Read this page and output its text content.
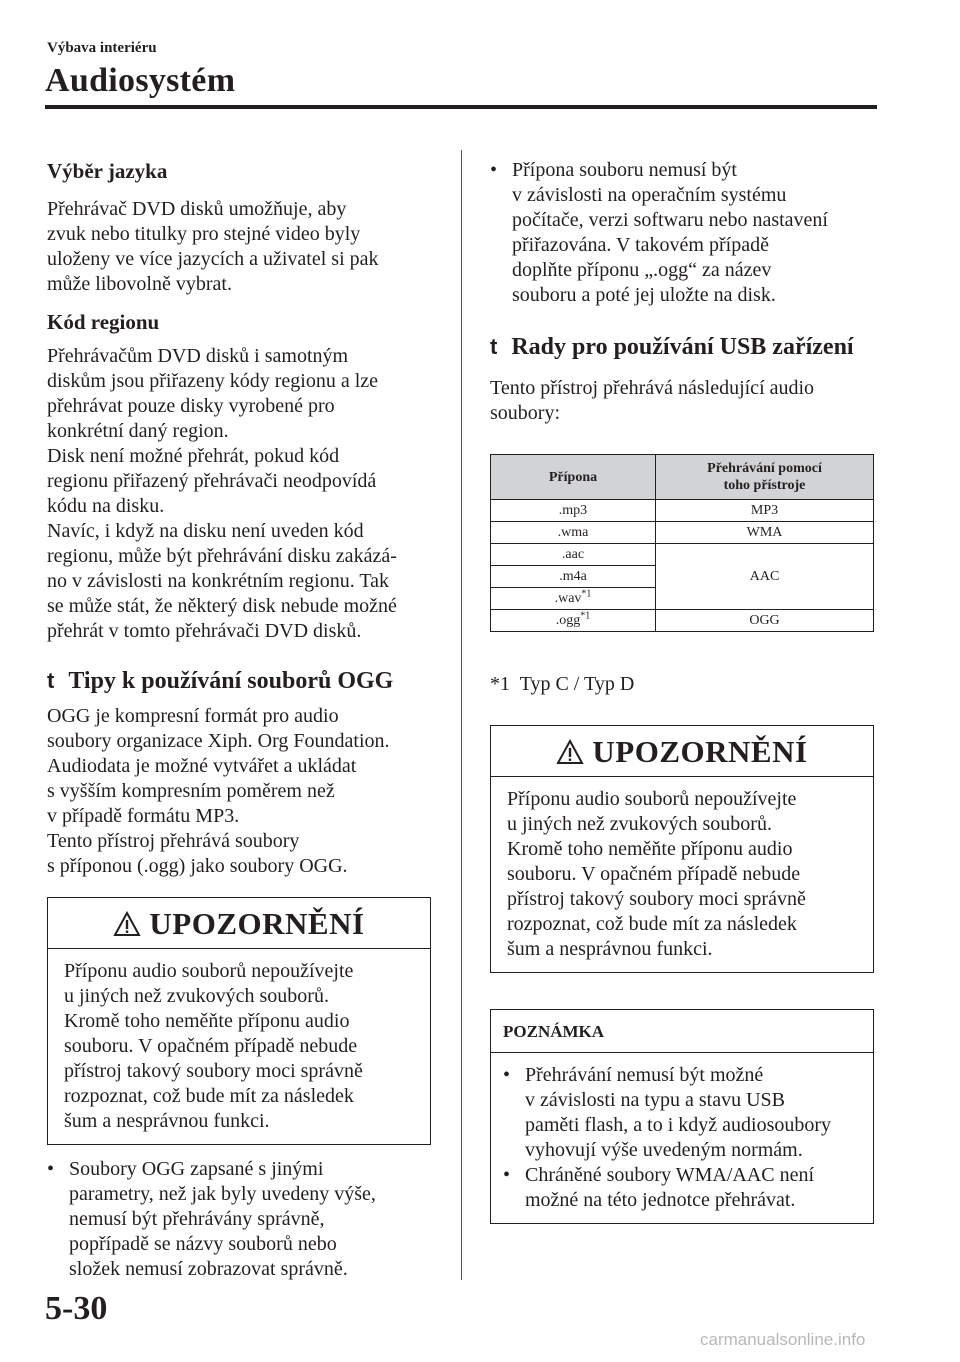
Výbava interiéru
Audiosystém

Výběr jazyka

Přehrávač DVD disků umožňuje, aby
zvuk nebo titulky pro stejné video byly
uloženy ve více jazycích a uživatel si pak
může libovolně vybrat.

Kód regionu

Přehrávačům DVD disků i samotným
diskům jsou přiřazeny kódy regionu a lze
přehrávat pouze disky vyrobené pro
konkrétní daný region.
Disk není možné přehrát, pokud kód
regionu přiřazený přehrávači neodpovídá
kódu na disku.
Navíc, i když na disku není uveden kód
regionu, může být přehrávání disku zakázá-
no v závislosti na konkrétním regionu. Tak
se může stát, že některý disk nebude možné
přehrát v tomto přehrávači DVD disků.

t Tipy k používání souborů OGG

OGG je kompresní formát pro audio
soubory organizace Xiph. Org Foundation.
Audiodata je možné vytvářet a ukládat
s vyšším kompresním poměrem než
v případě formátu MP3.
Tento přístroj přehrává soubory
s příponou (.ogg) jako soubory OGG.

UPOZORNĚNÍ
Příponu audio souborů nepoužívejte
u jiných než zvukových souborů.
Kromě toho neměňte příponu audio
souboru. V opačném případě nebude
přístroj takový soubory moci správně
rozpoznat, což bude mít za následek
šum a nesprávnou funkci.
• Soubory OGG zapsané s jinými
parametry, než jak byly uvedeny výše,
nemusí být přehrávány správně,
popřípadě se názvy souborů nebo
složek nemusí zobrazovat správně.
• Přípona souboru nemusí být
v závislosti na operačním systému
počítače, verzi softwaru nebo nastavení
přiřazována. V takovém případě
doplňte příponu „.ogg“ za název
souboru a poté jej uložte na disk.
t Rady pro používání USB zařízení

Tento přístroj přehrává následující audio
soubory:

Přípona	Přehrávání pomocí
toho přístroje
.mp3	MP3
.wma	WMA
.aac	AAC
.m4a	
.wav$^{*1}$
.ogg$^{*1}$	OGG

*1  Typ C / Typ D

UPOZORNĚNÍ
Příponu audio souborů nepoužívejte
u jiných než zvukových souborů.
Kromě toho neměňte příponu audio
souboru. V opačném případě nebude
přístroj takový soubory moci správně
rozpoznat, což bude mít za následek
šum a nesprávnou funkci.
POZNÁMKA
• Přehrávání nemusí být možné
v závislosti na typu a stavu USB
paměti flash, a to i když audiosoubory
vyhovují výše uvedeným normám.
• Chráněné soubory WMA/AAC není
možné na této jednotce přehrávat.
5-30
carmanualsonline.info
